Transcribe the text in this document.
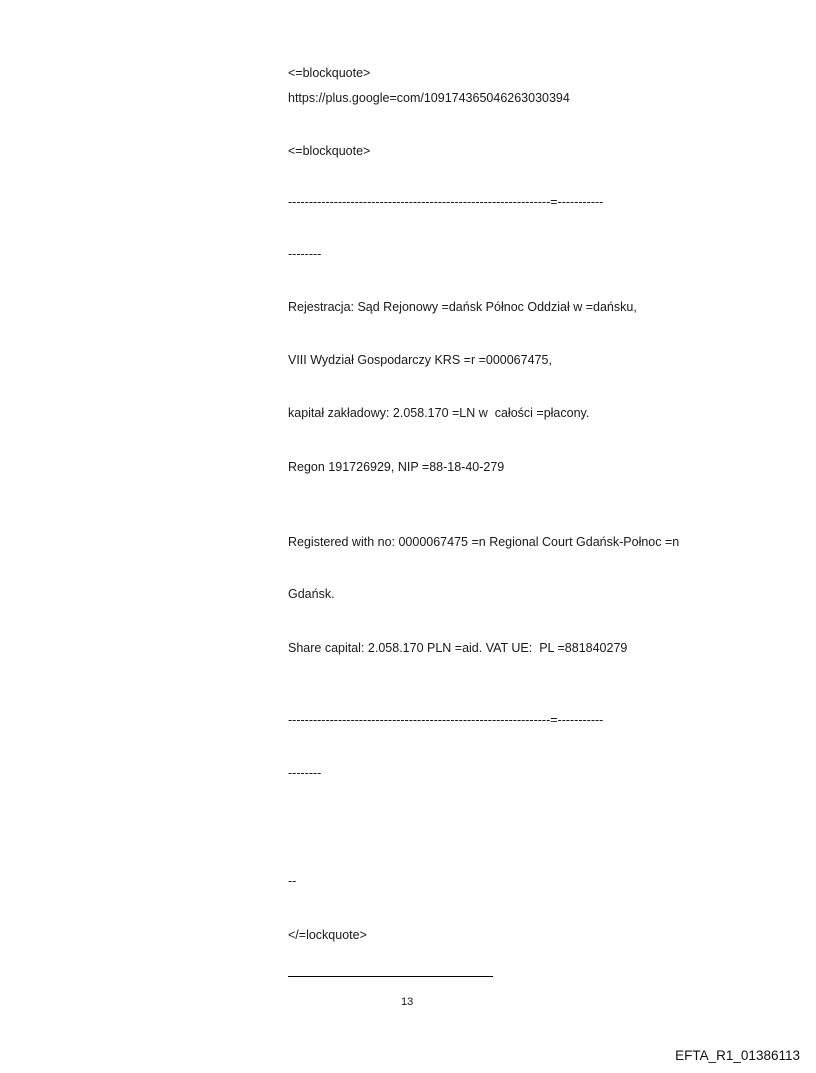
<=blockquote>
https://plus.google=com/109174365046263030394
<=blockquote>
---------------------------------------------------------------=-----------
--------
Rejestracja: Sąd Rejonowy =dańsk Północ Oddział w =dańsku,
VIII Wydział Gospodarczy KRS =r =000067475,
kapitał zakładowy: 2.058.170 =LN w  całości =płacony.
Regon 191726929, NIP =88-18-40-279
Registered with no: 0000067475 =n Regional Court Gdańsk-Połnoc =n
Gdańsk.
Share capital: 2.058.170 PLN =aid. VAT UE:  PL =881840279
---------------------------------------------------------------=-----------
--------
--
</=lockquote>
13
EFTA_R1_01386113
